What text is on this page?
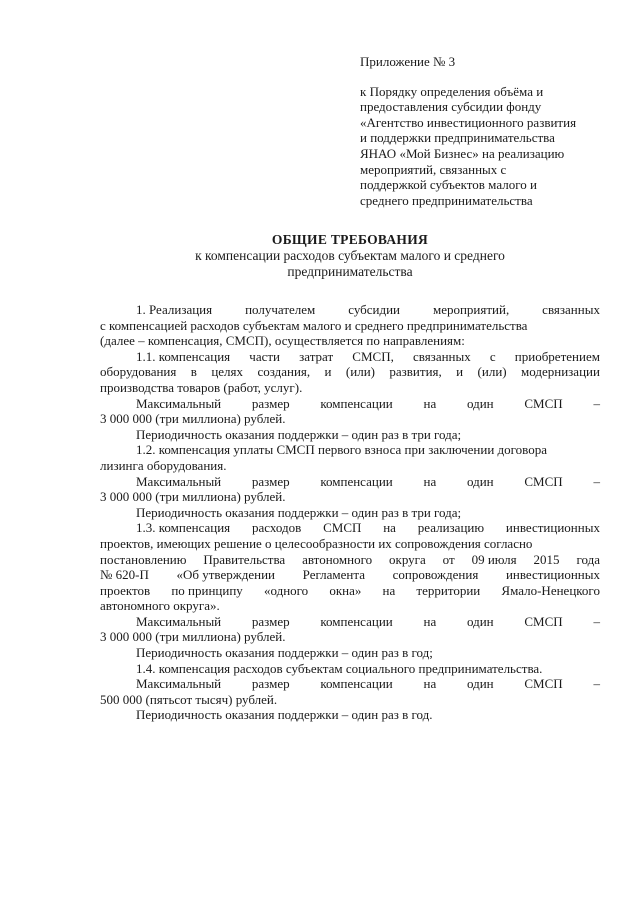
Приложение № 3
к Порядку определения объёма и
предоставления субсидии фонду
«Агентство инвестиционного развития
и поддержки предпринимательства
ЯНАО «Мой Бизнес» на реализацию
мероприятий, связанных с
поддержкой субъектов малого и
среднего предпринимательства
ОБЩИЕ ТРЕБОВАНИЯ
к компенсации расходов субъектам малого и среднего
предпринимательства
1. Реализация	получателем	субсидии	мероприятий,	связанных
с компенсацией расходов субъектам малого и среднего предпринимательства
(далее – компенсация, СМСП), осуществляется по направлениям:
1.1. компенсация части затрат СМСП, связанных с приобретением
оборудования в целях создания, и (или) развития, и (или) модернизации
производства товаров (работ, услуг).
Максимальный размер компенсации на один СМСП –
3 000 000 (три миллиона) рублей.
Периодичность оказания поддержки – один раз в три года;
1.2. компенсация уплаты СМСП первого взноса при заключении договора
лизинга оборудования.
Максимальный размер компенсации на один СМСП –
3 000 000 (три миллиона) рублей.
Периодичность оказания поддержки – один раз в три года;
1.3. компенсация расходов СМСП на реализацию инвестиционных
проектов, имеющих решение о целесообразности их сопровождения согласно
постановлению Правительства автономного округа от 09 июля 2015 года
№ 620-П «Об утверждении Регламента сопровождения инвестиционных
проектов по принципу «одного окна» на территории Ямало-Ненецкого
автономного округа».
Максимальный размер компенсации на один СМСП –
3 000 000 (три миллиона) рублей.
Периодичность оказания поддержки – один раз в год;
1.4. компенсация расходов субъектам социального предпринимательства.
Максимальный размер компенсации на один СМСП –
500 000 (пятьсот тысяч) рублей.
Периодичность оказания поддержки – один раз в год.
